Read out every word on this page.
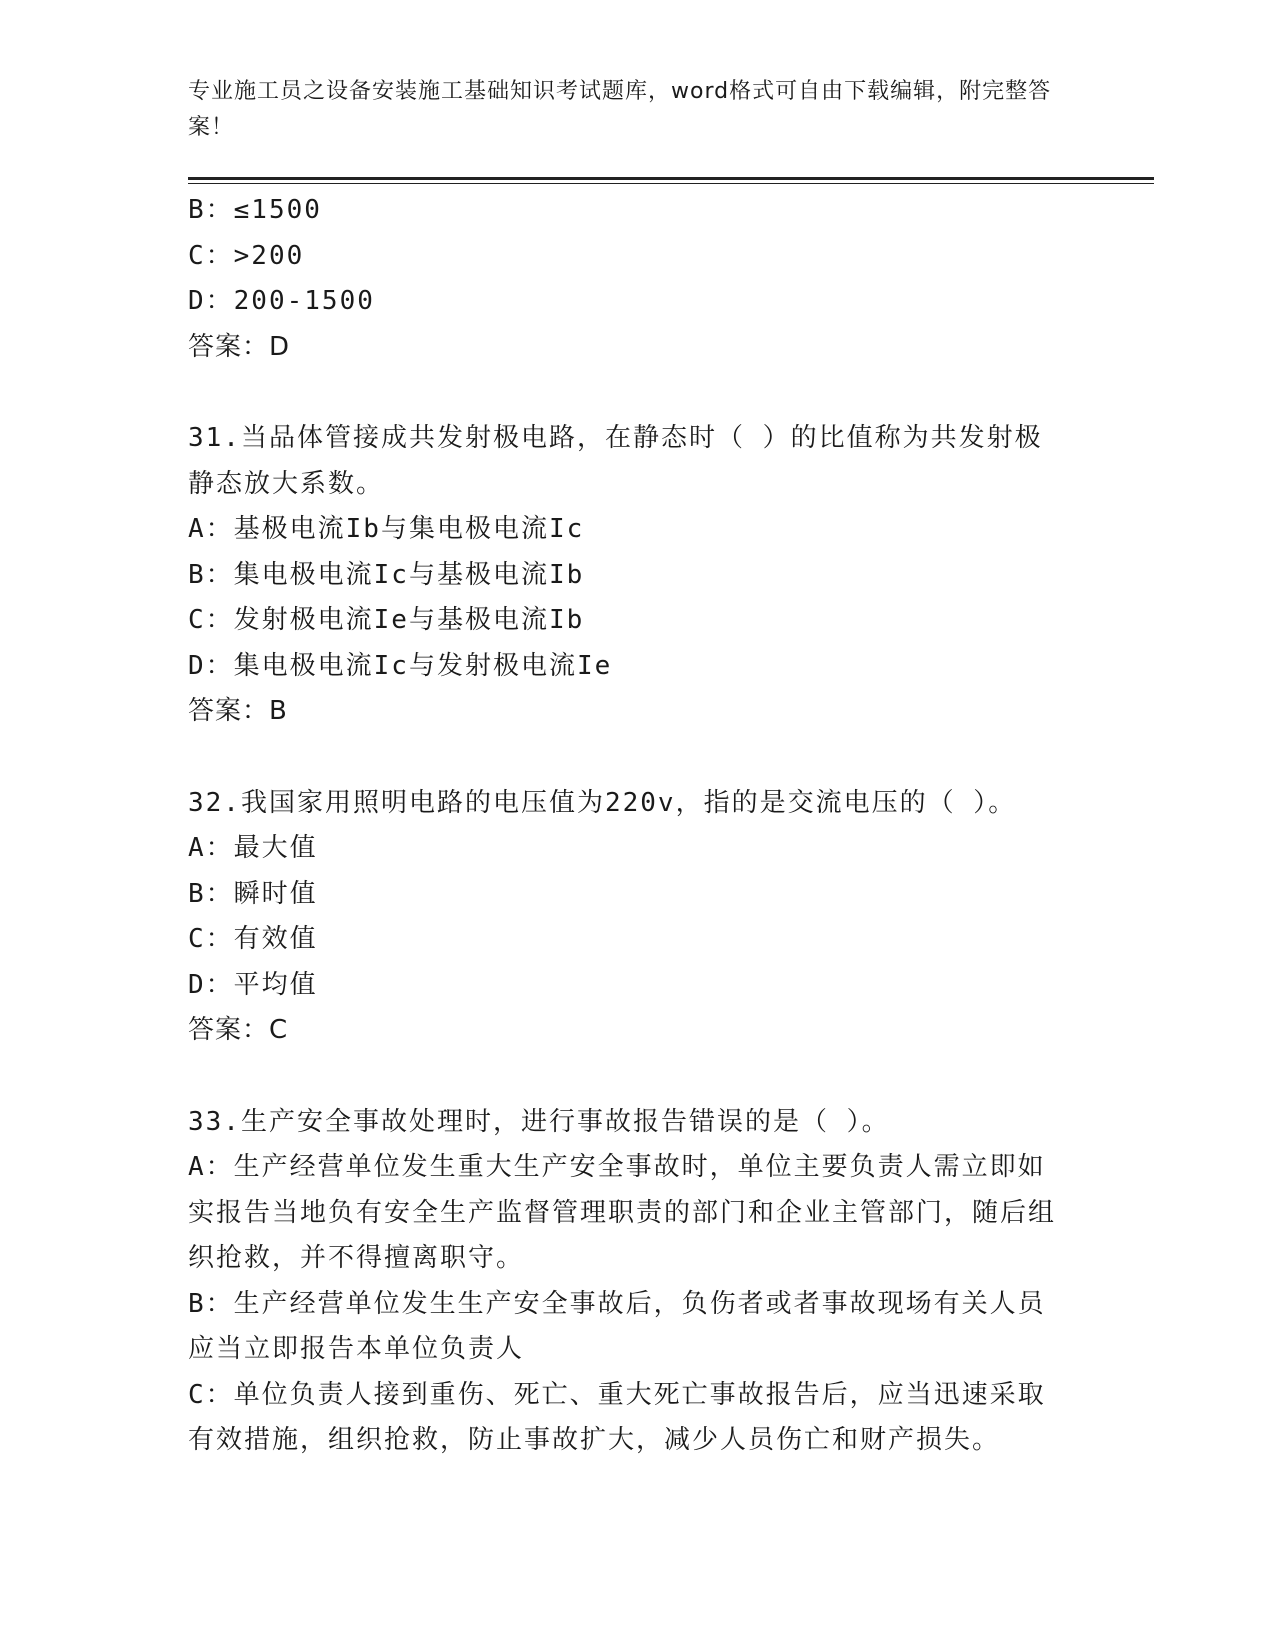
专业施工员之设备安装施工基础知识考试题库，word格式可自由下载编辑，附完整答案！
B：≤1500
C：>200
D：200-1500
答案：D
31.当品体管接成共发射极电路，在静态时（ ）的比值称为共发射极静态放大系数。
A：基极电流Ib与集电极电流Ic
B：集电极电流Ic与基极电流Ib
C：发射极电流Ie与基极电流Ib
D：集电极电流Ic与发射极电流Ie
答案：B
32.我国家用照明电路的电压值为220v，指的是交流电压的（ ）。
A：最大值
B：瞬时值
C：有效值
D：平均值
答案：C
33.生产安全事故处理时，进行事故报告错误的是（ ）。
A：生产经营单位发生重大生产安全事故时，单位主要负责人需立即如实报告当地负有安全生产监督管理职责的部门和企业主管部门，随后组织抢救，并不得擅离职守。
B：生产经营单位发生生产安全事故后，负伤者或者事故现场有关人员应当立即报告本单位负责人
C：单位负责人接到重伤、死亡、重大死亡事故报告后，应当迅速采取有效措施，组织抢救，防止事故扩大，减少人员伤亡和财产损失。
